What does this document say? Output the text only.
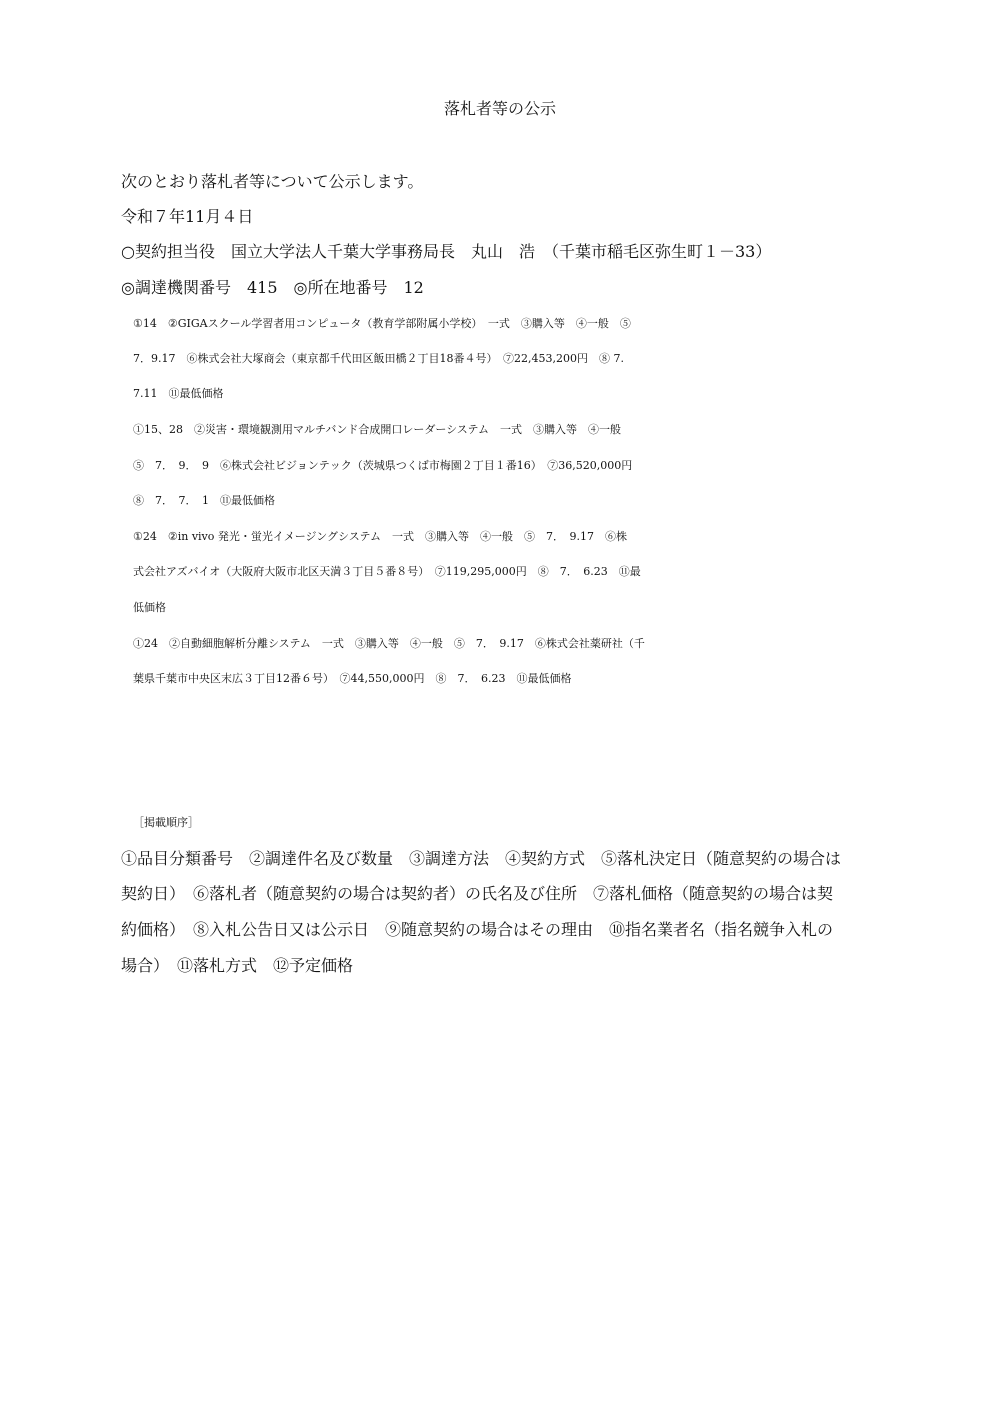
落札者等の公示
次のとおり落札者等について公示します。
令和７年11月４日
○契約担当役　国立大学法人千葉大学事務局長　丸山　浩　（千葉市稲毛区弥生町１－33）
◎調達機関番号　415　◎所在地番号　12
①14　②GIGAスクール学習者用コンピュータ（教育学部附属小学校）　一式　③購入等　④一般　⑤
7．9.17　⑥株式会社大塚商会（東京都千代田区飯田橋２丁目18番４号）　⑦22,453,200円　⑧ 7.
7.11　⑪最低価格
①15、28　②災害・環境観測用マルチバンド合成開口レーダーシステム　一式　③購入等　④一般
⑤　7．　9．　9　⑥株式会社ビジョンテック（茨城県つくば市梅園２丁目１番16）　⑦36,520,000円
⑧　7．　7．　1　⑪最低価格
①24　②in vivo 発光・蛍光イメージングシステム　一式　③購入等　④一般　⑤　7．　9.17　⑥株
式会社アズバイオ（大阪府大阪市北区天満３丁目５番８号）　⑦119,295,000円　⑧　7．　6.23　⑪最
低価格
①24　②自動細胞解析分離システム　一式　③購入等　④一般　⑤　7．　9.17　⑥株式会社薬研社（千
葉県千葉市中央区末広３丁目12番６号）　⑦44,550,000円　⑧　7．　6.23　⑪最低価格
［掲載順序］
①品目分類番号　②調達件名及び数量　③調達方法　④契約方式　⑤落札決定日（随意契約の場合は
契約日）　⑥落札者（随意契約の場合は契約者）の氏名及び住所　⑦落札価格（随意契約の場合は契
約価格）　⑧入札公告日又は公示日　⑨随意契約の場合はその理由　⑩指名業者名（指名競争入札の
場合）　⑪落札方式　⑫予定価格
